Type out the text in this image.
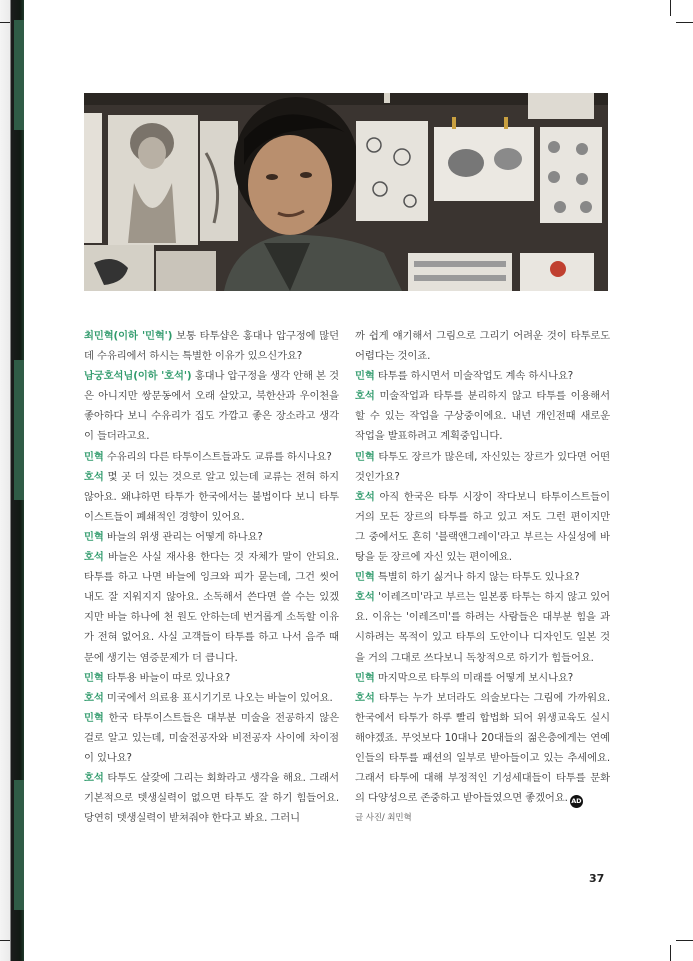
최민혁(이하 '민혁') 보통 타투샵은 홍대나 압구정에 많던데 수유리에서 하시는 특별한 이유가 있으신가요?

남궁호석님(이하 '호석') 홍대나 압구정을 생각 안해 본 것은 아니지만 쌍문동에서 오래 살았고, 북한산과 우이천을 좋아하다 보니 수유리가 집도 가깝고 좋은 장소라고 생각이 들더라고요.

민혁 수유리의 다른 타투이스트들과도 교류를 하시나요?

호석 몇 곳 더 있는 것으로 알고 있는데 교류는 전혀 하지 않아요. 왜냐하면 타투가 한국에서는 불법이다 보니 타투이스트들이 폐쇄적인 경향이 있어요.

민혁 바늘의 위생 관리는 어떻게 하나요?

호석 바늘은 사실 재사용 한다는 것 자체가 말이 안되요. 타투를 하고 나면 바늘에 잉크와 피가 묻는데, 그건 씻어내도 잘 지워지지 않아요. 소독해서 쓴다면 쓸 수는 있겠지만 바늘 하나에 천 원도 안하는데 번거롭게 소독할 이유가 전혀 없어요. 사실 고객들이 타투를 하고 나서 음주 때문에 생기는 염증문제가 더 큽니다.

민혁 타투용 바늘이 따로 있나요?

호석 미국에서 의료용 표시기기로 나오는 바늘이 있어요.

민혁 한국 타투이스트들은 대부분 미술을 전공하지 않은 걸로 알고 있는데, 미술전공자와 비전공자 사이에 차이점이 있나요?

호석 타투도 살갗에 그리는 회화라고 생각을 해요. 그래서 기본적으로 뎃생실력이 없으면 타투도 잘 하기 힘들어요. 당연히 뎃생실력이 받쳐줘야 한다고 봐요. 그러니

까 쉽게 얘기해서 그림으로 그리기 어려운 것이 타투로도 어렵다는 것이죠.

민혁 타투를 하시면서 미술작업도 계속 하시나요?

호석 미술작업과 타투를 분리하지 않고 타투를 이용해서 할 수 있는 작업을 구상중이에요. 내년 개인전때 새로운 작업을 발표하려고 계획중입니다.

민혁 타투도 장르가 많은데, 자신있는 장르가 있다면 어떤 것인가요?

호석 아직 한국은 타투 시장이 작다보니 타투이스트들이 거의 모든 장르의 타투를 하고 있고 저도 그런 편이지만 그 중에서도 흔히 '블랙앤그레이'라고 부르는 사실성에 바탕을 둔 장르에 자신 있는 편이에요.

민혁 특별히 하기 싫거나 하지 않는 타투도 있나요?

호석 '이레즈미'라고 부르는 일본풍 타투는 하지 않고 있어요. 이유는 '이레즈미'를 하려는 사람들은 대부분 힘을 과시하려는 목적이 있고 타투의 도안이나 디자인도 일본 것을 거의 그대로 쓰다보니 독창적으로 하기가 힘들어요.

민혁 마지막으로 타투의 미래를 어떻게 보시나요?

호석 타투는 누가 보더라도 의술보다는 그림에 가까워요. 한국에서 타투가 하루 빨리 합법화 되어 위생교육도 실시해야겠죠. 무엇보다 10대나 20대들의 젊은층에게는 연예인들의 타투를 패션의 일부로 받아들이고 있는 추세에요. 그래서 타투에 대해 부정적인 기성세대들이 타투를 문화의 다양성으로 존중하고 받아들였으면 좋겠어요. AD

글 사진/ 최민혁

37
